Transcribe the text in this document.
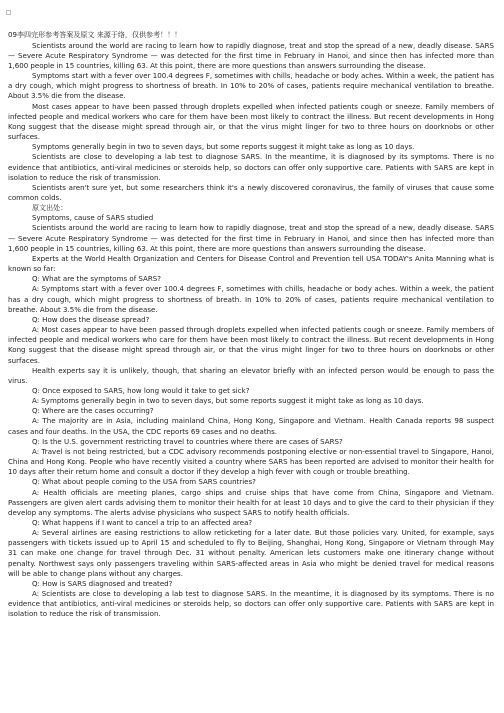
09李四完形参考答案及原文 来源于络，仅供参考！！！

Scientists around the world are racing to learn how to rapidly diagnose, treat and stop the spread of a new, deadly disease. SARS — Severe Acute Respiratory Syndrome — was detected for the first time in February in Hanoi, and since then has infected more than 1,600 people in 15 countries, killing 63. At this point, there are more questions than answers surrounding the disease.

Symptoms start with a fever over 100.4 degrees F, sometimes with chills, headache or body aches. Within a week, the patient has a dry cough, which might progress to shortness of breath. In 10% to 20% of cases, patients require mechanical ventilation to breathe. About 3.5% die from the disease.

Most cases appear to have been passed through droplets expelled when infected patients cough or sneeze. Family members of infected people and medical workers who care for them have been most likely to contract the illness. But recent developments in Hong Kong suggest that the disease might spread through air, or that the virus might linger for two to three hours on doorknobs or other surfaces.

Symptoms generally begin in two to seven days, but some reports suggest it might take as long as 10 days.

Scientists are close to developing a lab test to diagnose SARS. In the meantime, it is diagnosed by its symptoms. There is no evidence that antibiotics, anti-viral medicines or steroids help, so doctors can offer only supportive care. Patients with SARS are kept in isolation to reduce the risk of transmission.

Scientists aren't sure yet, but some researchers think it's a newly discovered coronavirus, the family of viruses that cause some common colds.

原文出处：

Symptoms, cause of SARS studied

Scientists around the world are racing to learn how to rapidly diagnose, treat and stop the spread of a new, deadly disease. SARS — Severe Acute Respiratory Syndrome — was detected for the first time in February in Hanoi, and since then has infected more than 1,600 people in 15 countries, killing 63. At this point, there are more questions than answers surrounding the disease.

Experts at the World Health Organization and Centers for Disease Control and Prevention tell USA TODAY's Anita Manning what is known so far:

Q: What are the symptoms of SARS?

A: Symptoms start with a fever over 100.4 degrees F, sometimes with chills, headache or body aches. Within a week, the patient has a dry cough, which might progress to shortness of breath. In 10% to 20% of cases, patients require mechanical ventilation to breathe. About 3.5% die from the disease.

Q: How does the disease spread?

A: Most cases appear to have been passed through droplets expelled when infected patients cough or sneeze. Family members of infected people and medical workers who care for them have been most likely to contract the illness. But recent developments in Hong Kong suggest that the disease might spread through air, or that the virus might linger for two to three hours on doorknobs or other surfaces.

Health experts say it is unlikely, though, that sharing an elevator briefly with an infected person would be enough to pass the virus.

Q: Once exposed to SARS, how long would it take to get sick?

A: Symptoms generally begin in two to seven days, but some reports suggest it might take as long as 10 days.

Q: Where are the cases occurring?

A: The majority are in Asia, including mainland China, Hong Kong, Singapore and Vietnam. Health Canada reports 98 suspect cases and four deaths. In the USA, the CDC reports 69 cases and no deaths.

Q: Is the U.S. government restricting travel to countries where there are cases of SARS?

A: Travel is not being restricted, but a CDC advisory recommends postponing elective or non-essential travel to Singapore, Hanoi, China and Hong Kong. People who have recently visited a country where SARS has been reported are advised to monitor their health for 10 days after their return home and consult a doctor if they develop a high fever with cough or trouble breathing.

Q: What about people coming to the USA from SARS countries?

A: Health officials are meeting planes, cargo ships and cruise ships that have come from China, Singapore and Vietnam. Passengers are given alert cards advising them to monitor their health for at least 10 days and to give the card to their physician if they develop any symptoms. The alerts advise physicians who suspect SARS to notify health officials.

Q: What happens if I want to cancel a trip to an affected area?

A: Several airlines are easing restrictions to allow reticketing for a later date. But those policies vary. United, for example, says passengers with tickets issued up to April 15 and scheduled to fly to Beijing, Shanghai, Hong Kong, Singapore or Vietnam through May 31 can make one change for travel through Dec. 31 without penalty. American lets customers make one itinerary change without penalty. Northwest says only passengers traveling within SARS-affected areas in Asia who might be denied travel for medical reasons will be able to change plans without any charges.

Q: How is SARS diagnosed and treated?

A: Scientists are close to developing a lab test to diagnose SARS. In the meantime, it is diagnosed by its symptoms. There is no evidence that antibiotics, anti-viral medicines or steroids help, so doctors can offer only supportive care. Patients with SARS are kept in isolation to reduce the risk of transmission.
